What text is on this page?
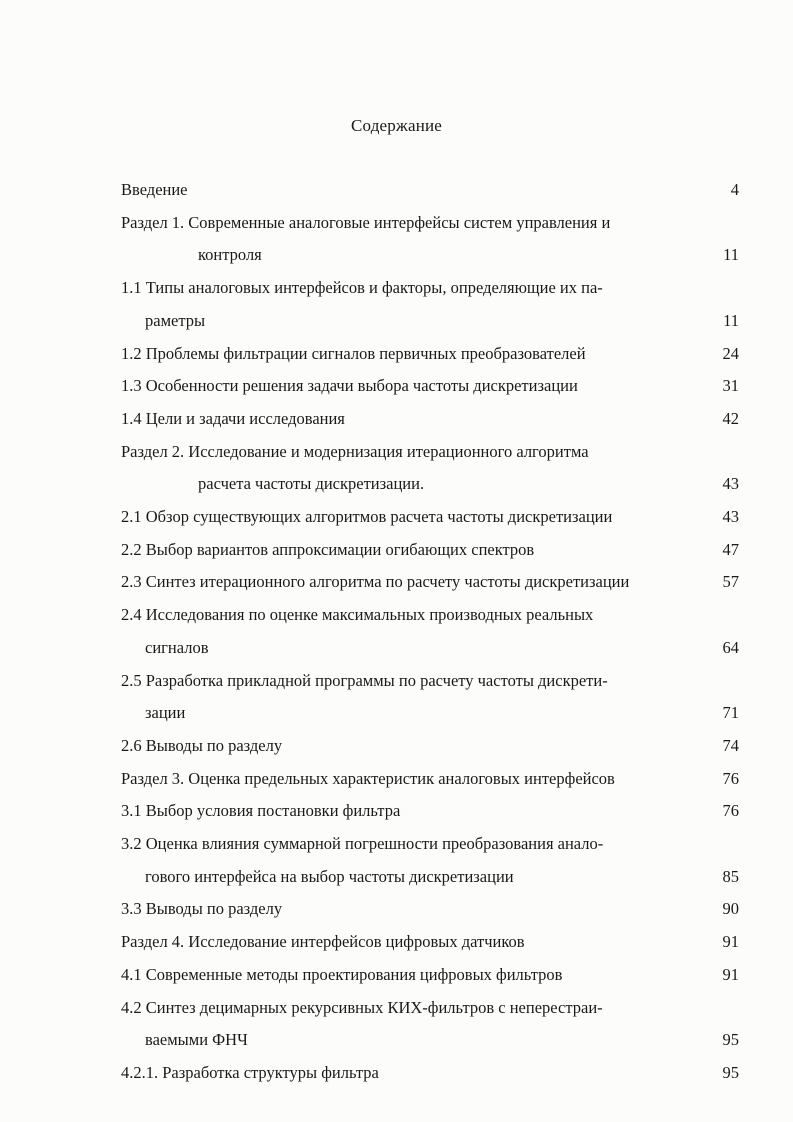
Содержание
Введение	4
Раздел 1. Современные аналоговые интерфейсы систем управления и
контроля	11
1.1 Типы аналоговых интерфейсов и факторы, определяющие их па-
раметры	11
1.2 Проблемы фильтрации сигналов первичных преобразователей	24
1.3 Особенности решения задачи выбора частоты дискретизации	31
1.4 Цели и задачи исследования	42
Раздел 2. Исследование и модернизация итерационного алгоритма
расчета частоты дискретизации.	43
2.1 Обзор существующих алгоритмов расчета частоты дискретизации	43
2.2 Выбор вариантов аппроксимации огибающих спектров	47
2.3 Синтез итерационного алгоритма по расчету частоты дискретизации	57
2.4 Исследования по оценке максимальных производных реальных
сигналов	64
2.5 Разработка прикладной программы по расчету частоты дискрети-
зации	71
2.6 Выводы по разделу	74
Раздел 3. Оценка предельных характеристик аналоговых интерфейсов	76
3.1 Выбор условия постановки фильтра	76
3.2 Оценка влияния суммарной погрешности преобразования анало-
гового интерфейса на выбор частоты дискретизации	85
3.3 Выводы по разделу	90
Раздел 4. Исследование интерфейсов цифровых датчиков	91
4.1 Современные методы проектирования цифровых фильтров	91
4.2 Синтез децимарных рекурсивных КИХ-фильтров с неперестраи-
ваемыми ФНЧ	95
4.2.1. Разработка структуры фильтра	95
